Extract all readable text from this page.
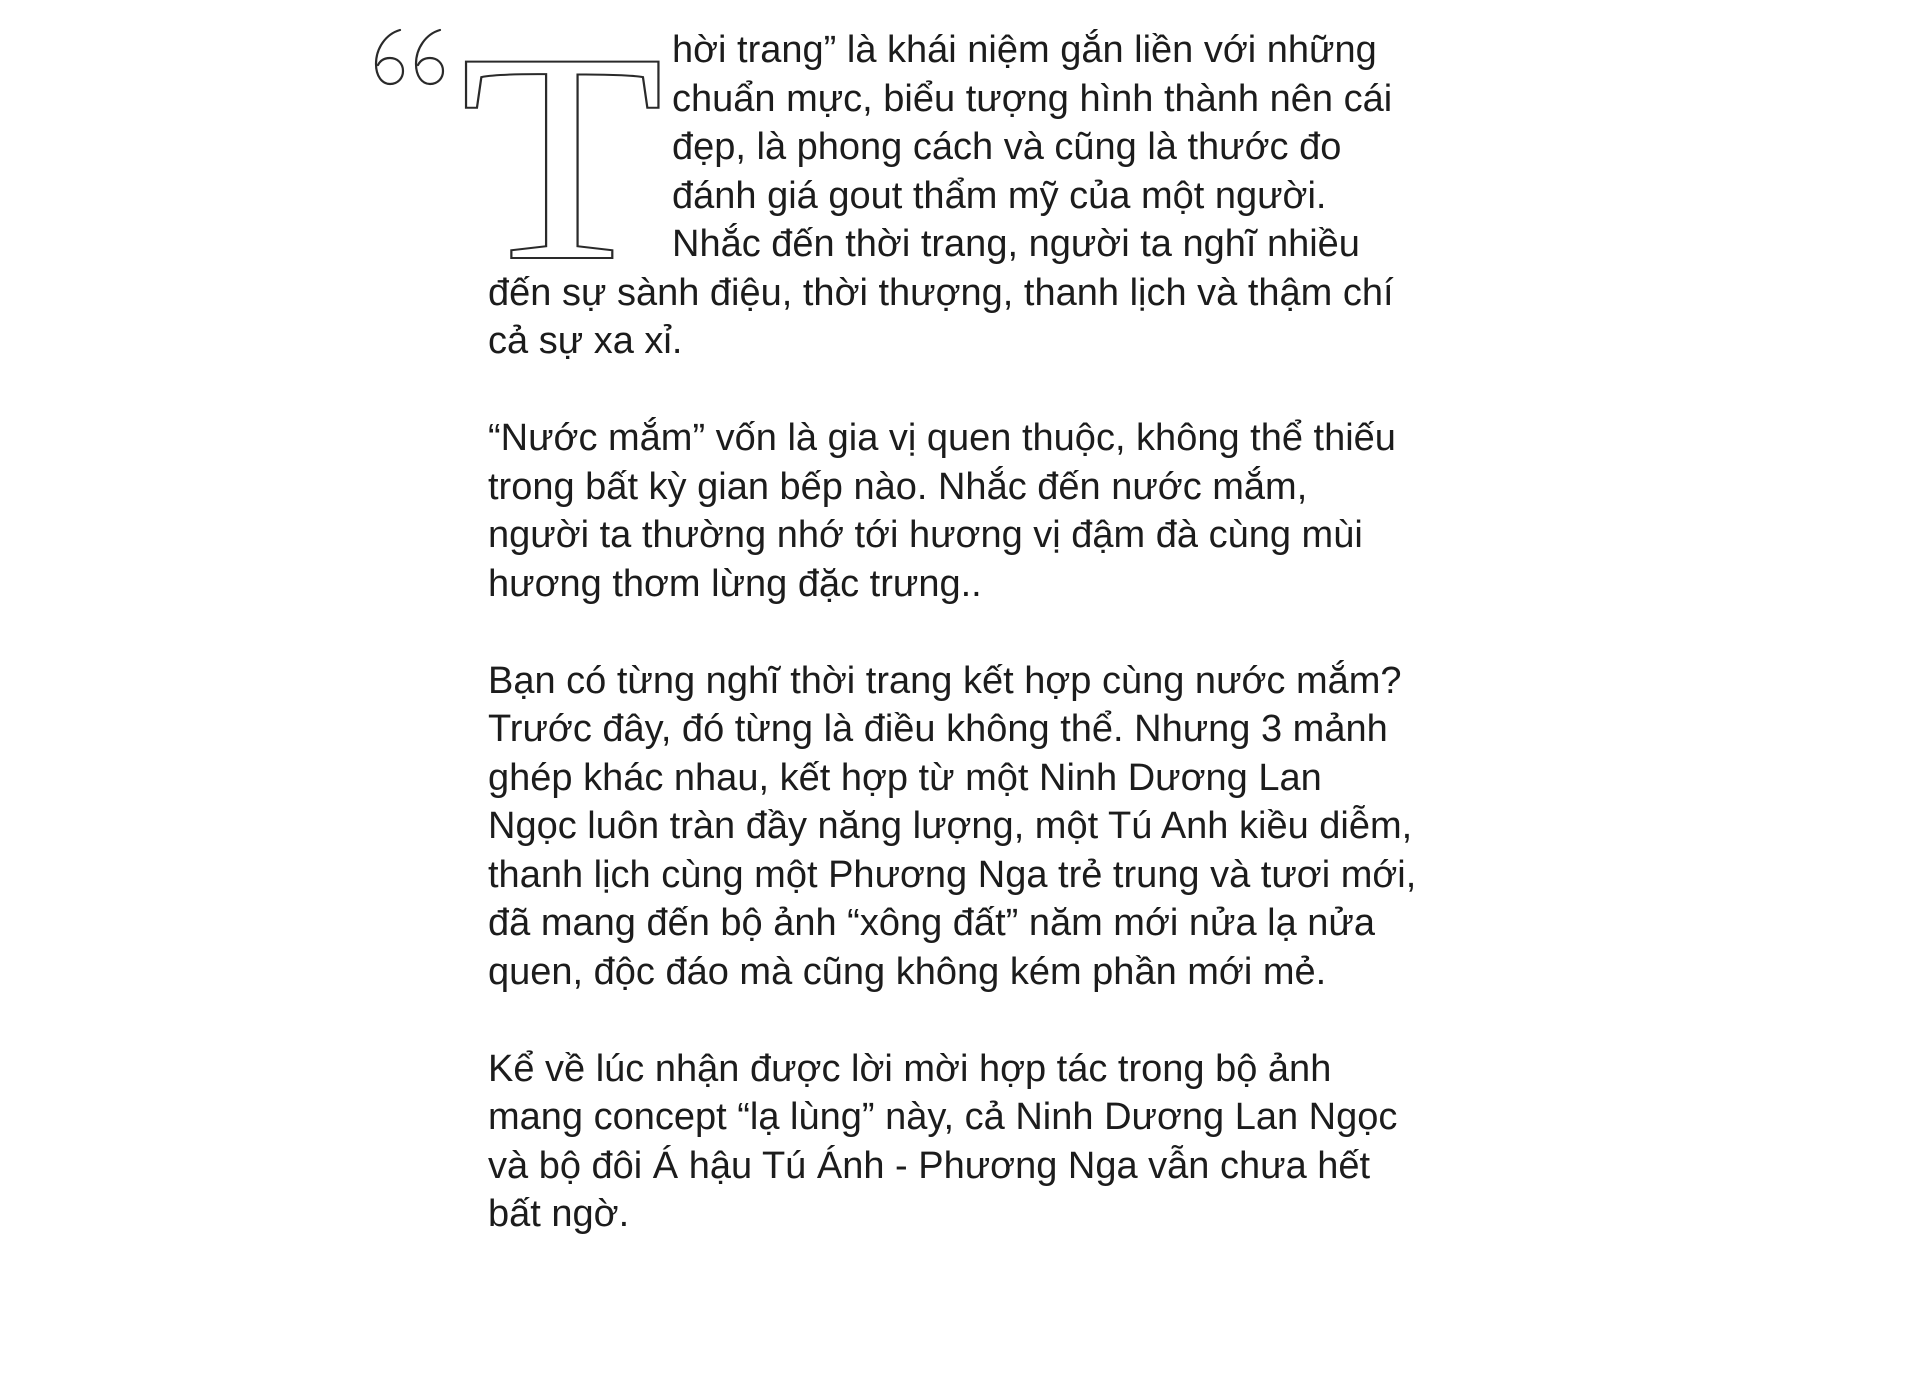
T hời trang” là khái niệm gắn liền với những chuẩn mực, biểu tượng hình thành nên cái đẹp, là phong cách và cũng là thước đo đánh giá gout thẩm mỹ của một người. Nhắc đến thời trang, người ta nghĩ nhiều đến sự sành điệu, thời thượng, thanh lịch và thậm chí cả sự xa xỉ.

“Nước mắm” vốn là gia vị quen thuộc, không thể thiếu trong bất kỳ gian bếp nào. Nhắc đến nước mắm, người ta thường nhớ tới hương vị đậm đà cùng mùi hương thơm lừng đặc trưng..

Bạn có từng nghĩ thời trang kết hợp cùng nước mắm? Trước đây, đó từng là điều không thể. Nhưng 3 mảnh ghép khác nhau, kết hợp từ một Ninh Dương Lan Ngọc luôn tràn đầy năng lượng, một Tú Anh kiều diễm, thanh lịch cùng một Phương Nga trẻ trung và tươi mới, đã mang đến bộ ảnh “xông đất” năm mới nửa lạ nửa quen, độc đáo mà cũng không kém phần mới mẻ.

Kể về lúc nhận được lời mời hợp tác trong bộ ảnh mang concept “lạ lùng” này, cả Ninh Dương Lan Ngọc và bộ đôi Á hậu Tú Ánh - Phương Nga vẫn chưa hết bất ngờ.
